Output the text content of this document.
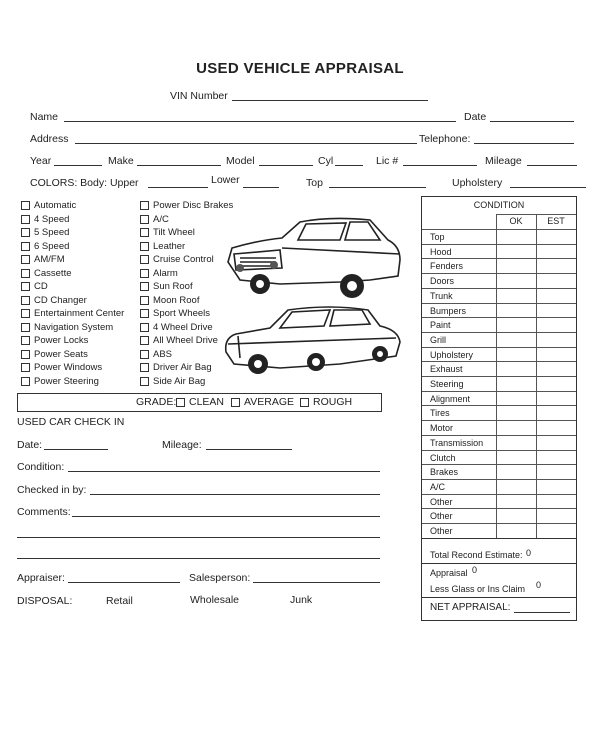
USED VEHICLE APPRAISAL
VIN Number
Name	Date
Address	Telephone:
Year	Make	Model	Cyl	Lic #	Mileage
COLORS: Body: Upper	Lower	Top	Upholstery
Automatic
4 Speed
5 Speed
6 Speed
AM/FM
Cassette
CD
CD Changer
Entertainment Center
Navigation System
Power Locks
Power Seats
Power Windows
Power Steering
Power Disc Brakes
A/C
Tilt Wheel
Leather
Cruise Control
Alarm
Sun Roof
Moon Roof
Sport Wheels
4 Wheel Drive
All Wheel Drive
ABS
Driver Air Bag
Side Air Bag
GRADE: CLEAN AVERAGE ROUGH
USED CAR CHECK IN
Date:	Mileage:
Condition:
Checked in by:
Comments:
Appraiser:	Salesperson:
DISPOSAL:	Retail	Wholesale	Junk
CONDITION
OK	EST
Top
Hood
Fenders
Doors
Trunk
Bumpers
Paint
Grill
Upholstery
Exhaust
Steering
Alignment
Tires
Motor
Transmission
Clutch
Brakes
A/C
Other
Other
Other
Total Recond Estimate: 0
Appraisal 0
Less Glass or Ins Claim 0
NET APPRAISAL:
